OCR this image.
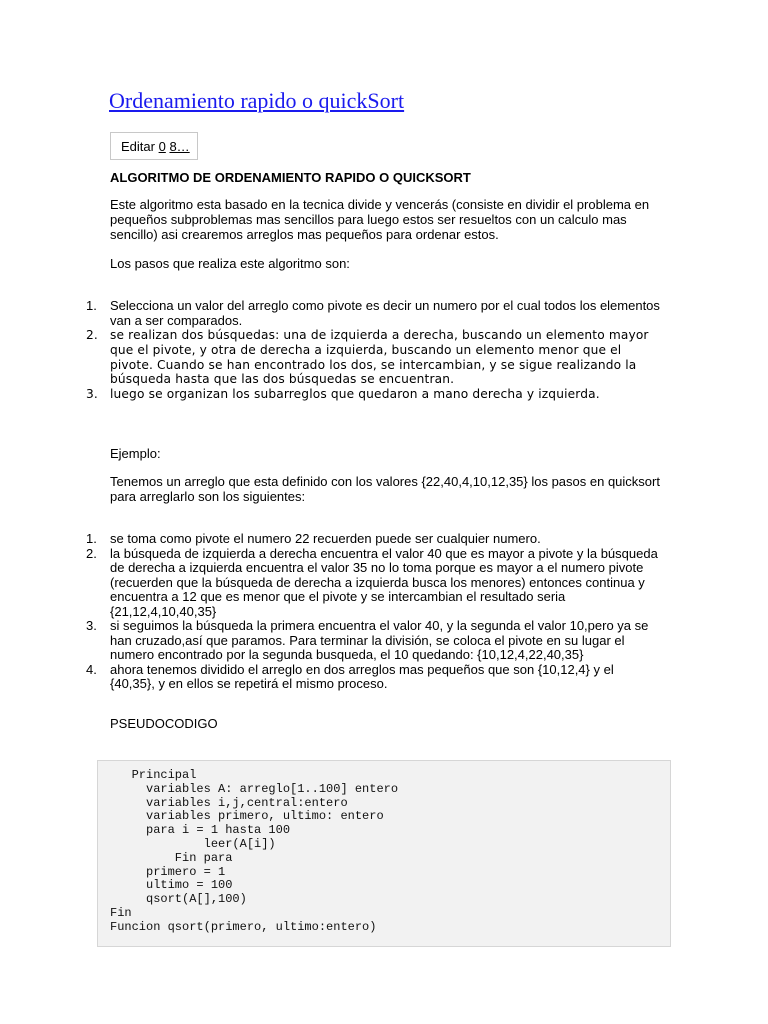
Ordenamiento rapido o quickSort
Editar
0
8…
ALGORITMO DE ORDENAMIENTO RAPIDO O QUICKSORT

Este algoritmo esta basado en la tecnica divide y vencerás (consiste en dividir el problema en pequeños subproblemas mas sencillos para luego estos ser resueltos con un calculo mas sencillo) asi crearemos arreglos mas pequeños para ordenar estos.

Los pasos que realiza este algoritmo son:

1. Selecciona un valor del arreglo como pivote es decir un numero por el cual todos los elementos van a ser comparados.
2. se realizan dos búsquedas: una de izquierda a derecha, buscando un elemento mayor que el pivote, y otra de derecha a izquierda, buscando un elemento menor que el pivote. Cuando se han encontrado los dos, se intercambian, y se sigue realizando la búsqueda hasta que las dos búsquedas se encuentran.
3. luego se organizan los subarreglos que quedaron a mano derecha y izquierda.

Ejemplo:

Tenemos un arreglo que esta definido con los valores {22,40,4,10,12,35} los pasos en quicksort para arreglarlo son los siguientes:

1. se toma como pivote el numero 22 recuerden puede ser cualquier numero.
2. la búsqueda de izquierda a derecha encuentra el valor 40 que es mayor a pivote y la búsqueda de derecha a izquierda encuentra el valor 35 no lo toma porque es mayor a el numero pivote (recuerden que la búsqueda de derecha a izquierda busca los menores) entonces continua y encuentra a 12 que es menor que el pivote y se intercambian el resultado seria {21,12,4,10,40,35}
3. si seguimos la búsqueda la primera encuentra el valor 40, y la segunda el valor 10,pero ya se han cruzado,así que paramos. Para terminar la división, se coloca el pivote en su lugar el numero encontrado por la segunda busqueda, el 10 quedando: {10,12,4,22,40,35}
4. ahora tenemos dividido el arreglo en dos arreglos mas pequeños que son {10,12,4} y el {40,35}, y en ellos se repetirá el mismo proceso.

PSEUDOCODIGO

Principal
variables A: arreglo[1..100] entero
variables i,j,central:entero
variables primero, ultimo: entero
para i = 1 hasta 100
leer(A[i])
Fin para
primero = 1
ultimo = 100
qsort(A[],100)
Fin
Funcion qsort(primero, ultimo:entero)
